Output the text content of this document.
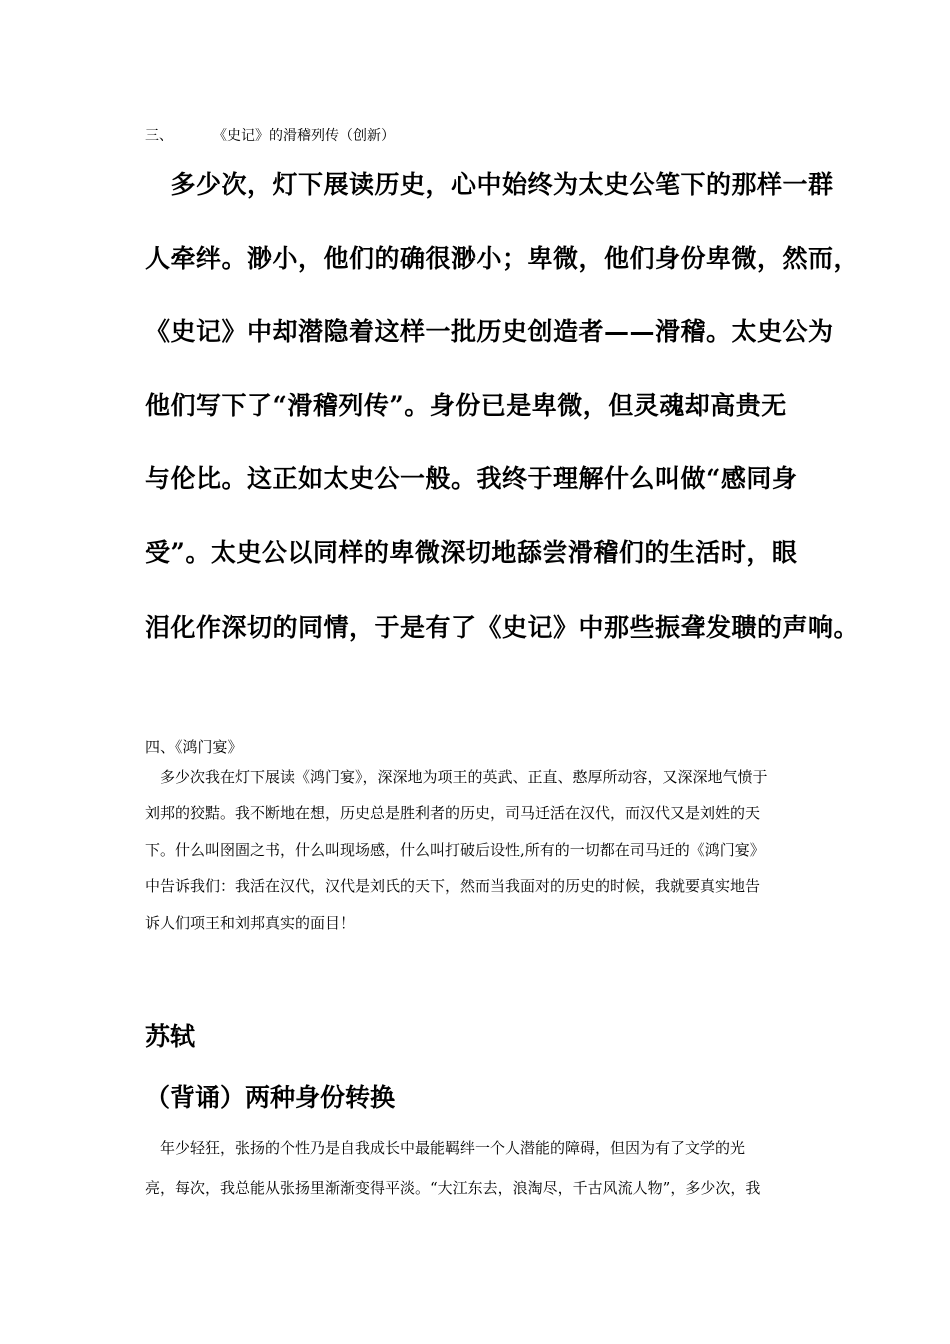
三、	《史记》的滑稽列传（创新）
　多少次，灯下展读历史，心中始终为太史公笔下的那样一群
人牵绊。渺小，他们的确很渺小；卑微，他们身份卑微，然而，
《史记》中却潜隐着这样一批历史创造者——滑稽。太史公为
他们写下了“滑稽列传”。身份已是卑微，但灵魂却高贵无
与伦比。这正如太史公一般。我终于理解什么叫做“感同身
受”。太史公以同样的卑微深切地舔尝滑稽们的生活时，眼
泪化作深切的同情，于是有了《史记》中那些振聋发聩的声响。
四、《鸿门宴》
　多少次我在灯下展读《鸿门宴》，深深地为项王的英武、正直、憨厚所动容，又深深地气愤于
刘邦的狡黠。我不断地在想，历史总是胜利者的历史，司马迁活在汉代，而汉代又是刘姓的天
下。什么叫囹圄之书，什么叫现场感，什么叫打破后设性,所有的一切都在司马迁的《鸿门宴》
中告诉我们：我活在汉代，汉代是刘氏的天下，然而当我面对的历史的时候，我就要真实地告
诉人们项王和刘邦真实的面目！
苏轼
（背诵）两种身份转换
　年少轻狂，张扬的个性乃是自我成长中最能羁绊一个人潜能的障碍，但因为有了文学的光
亮，每次，我总能从张扬里渐渐变得平淡。“大江东去，浪淘尽，千古风流人物”，多少次，我
